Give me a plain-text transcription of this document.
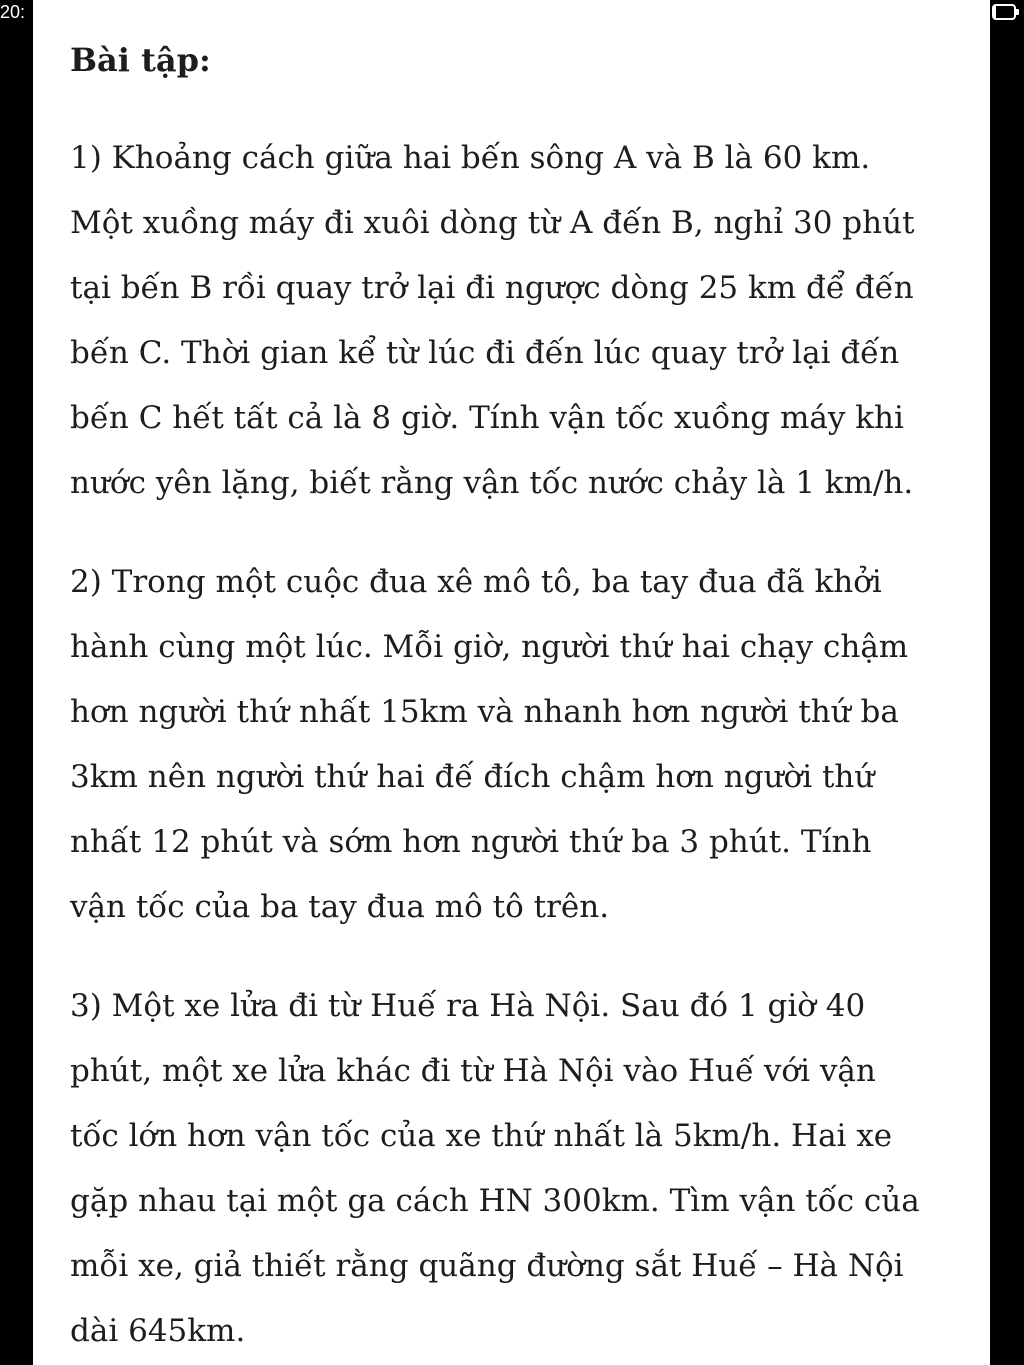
20:
Bài tập:
1) Khoảng cách giữa hai bến sông A và B là 60 km.
Một xuồng máy đi xuôi dòng từ A đến B, nghỉ 30 phút
tại bến B rồi quay trở lại đi ngược dòng 25 km để đến
bến C. Thời gian kể từ lúc đi đến lúc quay trở lại đến
bến C hết tất cả là 8 giờ. Tính vận tốc xuồng máy khi
nước yên lặng, biết rằng vận tốc nước chảy là 1 km/h.
2) Trong một cuộc đua xê mô tô, ba tay đua đã khởi
hành cùng một lúc. Mỗi giờ, người thứ hai chạy chậm
hơn người thứ nhất 15km và nhanh hơn người thứ ba
3km nên người thứ hai đế đích chậm hơn người thứ
nhất 12 phút và sớm hơn người thứ ba 3 phút. Tính
vận tốc của ba tay đua mô tô trên.
3) Một xe lửa đi từ Huế ra Hà Nội. Sau đó 1 giờ 40
phút, một xe lửa khác đi từ Hà Nội vào Huế với vận
tốc lớn hơn vận tốc của xe thứ nhất là 5km/h. Hai xe
gặp nhau tại một ga cách HN 300km. Tìm vận tốc của
mỗi xe, giả thiết rằng quãng đường sắt Huế – Hà Nội
dài 645km.
